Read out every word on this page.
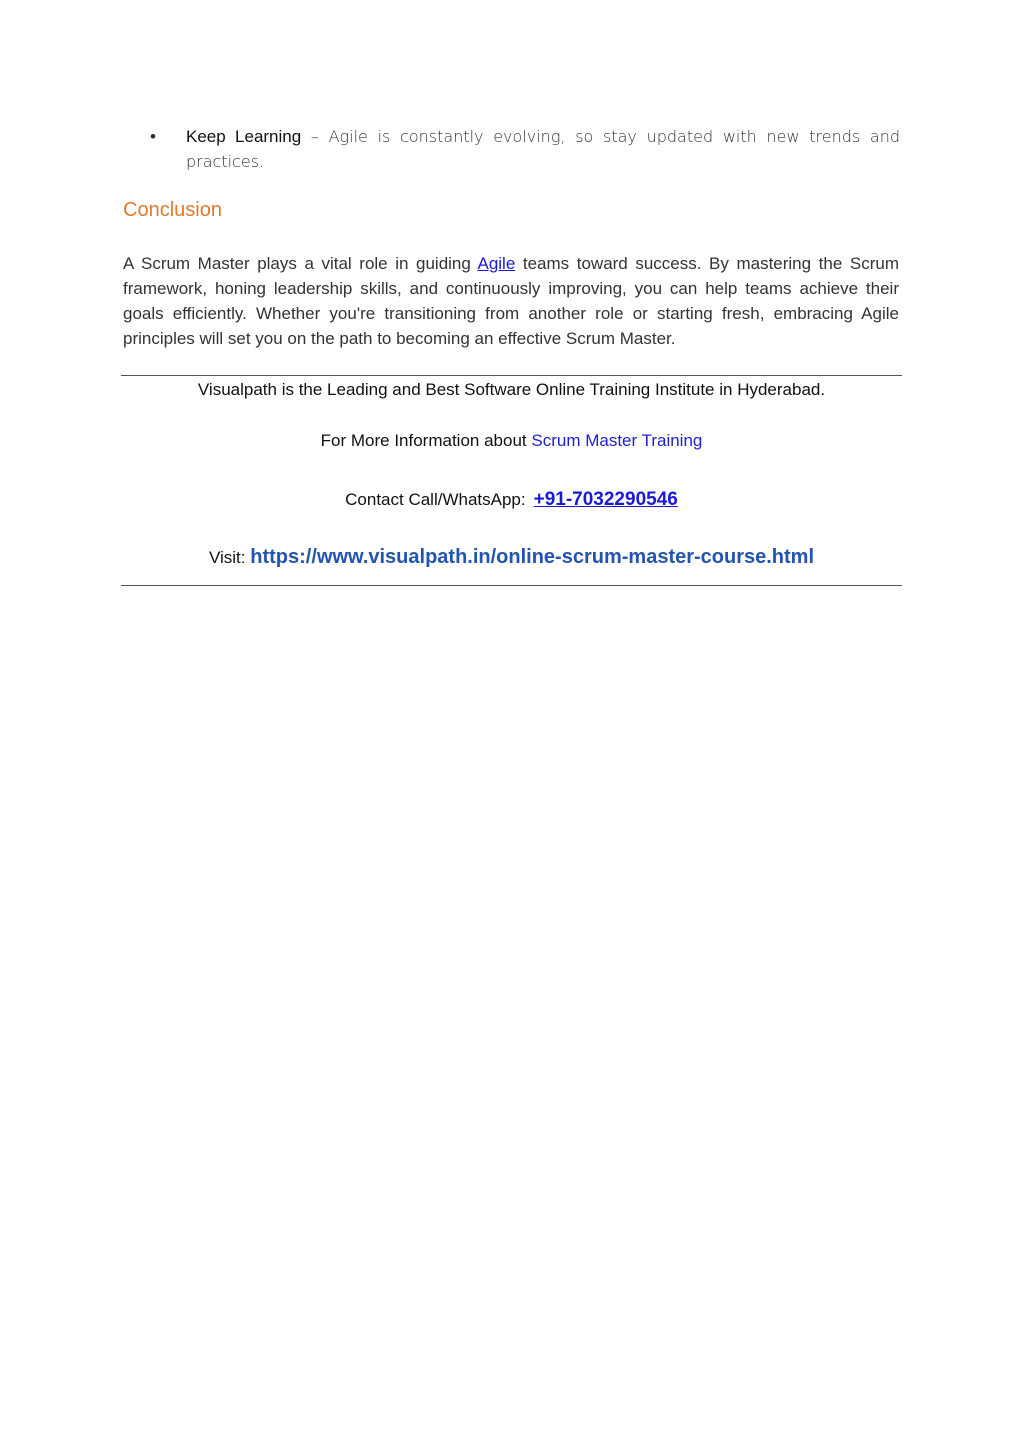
•	Keep Learning – Agile is constantly evolving, so stay updated with new trends and practices.
Conclusion
A Scrum Master plays a vital role in guiding Agile teams toward success. By mastering the Scrum framework, honing leadership skills, and continuously improving, you can help teams achieve their goals efficiently. Whether you're transitioning from another role or starting fresh, embracing Agile principles will set you on the path to becoming an effective Scrum Master.
Visualpath is the Leading and Best Software Online Training Institute in Hyderabad.
For More Information about Scrum Master Training
Contact Call/WhatsApp: +91-7032290546
Visit: https://www.visualpath.in/online-scrum-master-course.html
